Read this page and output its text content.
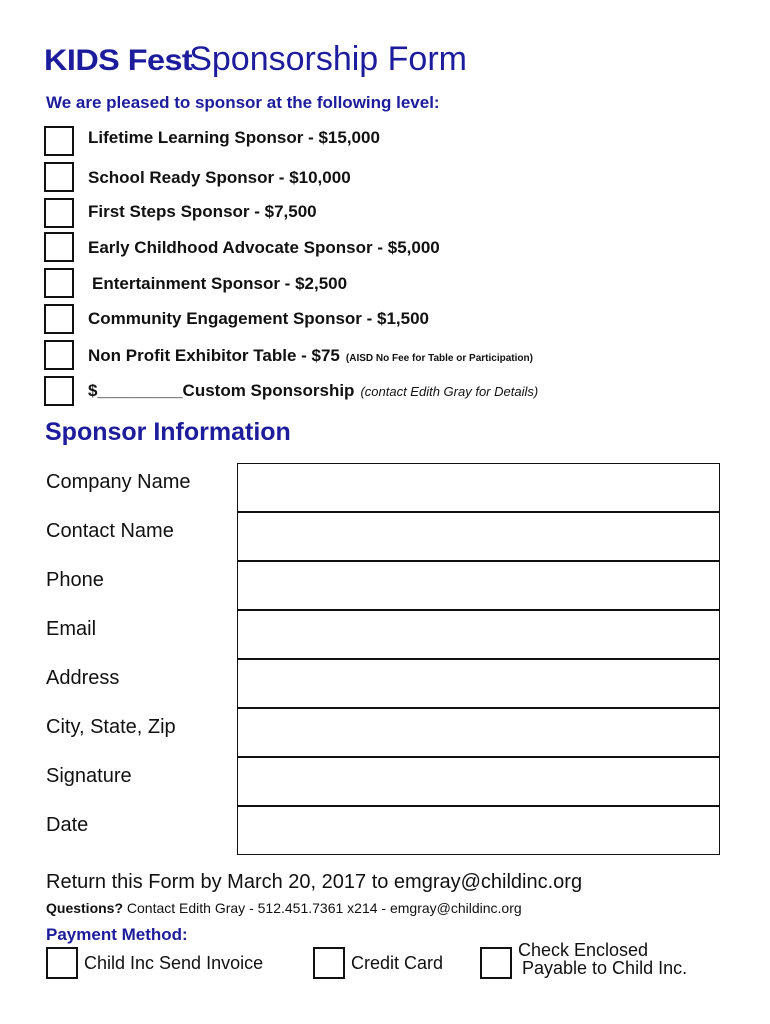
KIDS FestSponsorship Form
We are pleased to sponsor at the following level:
Lifetime Learning Sponsor - $15,000
School Ready Sponsor - $10,000
First Steps Sponsor - $7,500
Early Childhood Advocate Sponsor - $5,000
Entertainment Sponsor - $2,500
Community Engagement Sponsor - $1,500
Non Profit Exhibitor Table - $75 (AISD No Fee for Table or Participation)
$_________Custom Sponsorship (contact Edith Gray for Details)
Sponsor Information
Company Name
Contact Name
Phone
Email
Address
City, State, Zip
Signature
Date
Return this Form by March 20, 2017 to emgray@childinc.org
Questions? Contact Edith Gray - 512.451.7361 x214 - emgray@childinc.org
Payment Method:
Child Inc Send Invoice	Credit Card
Check Enclosed
Payable to Child Inc.
